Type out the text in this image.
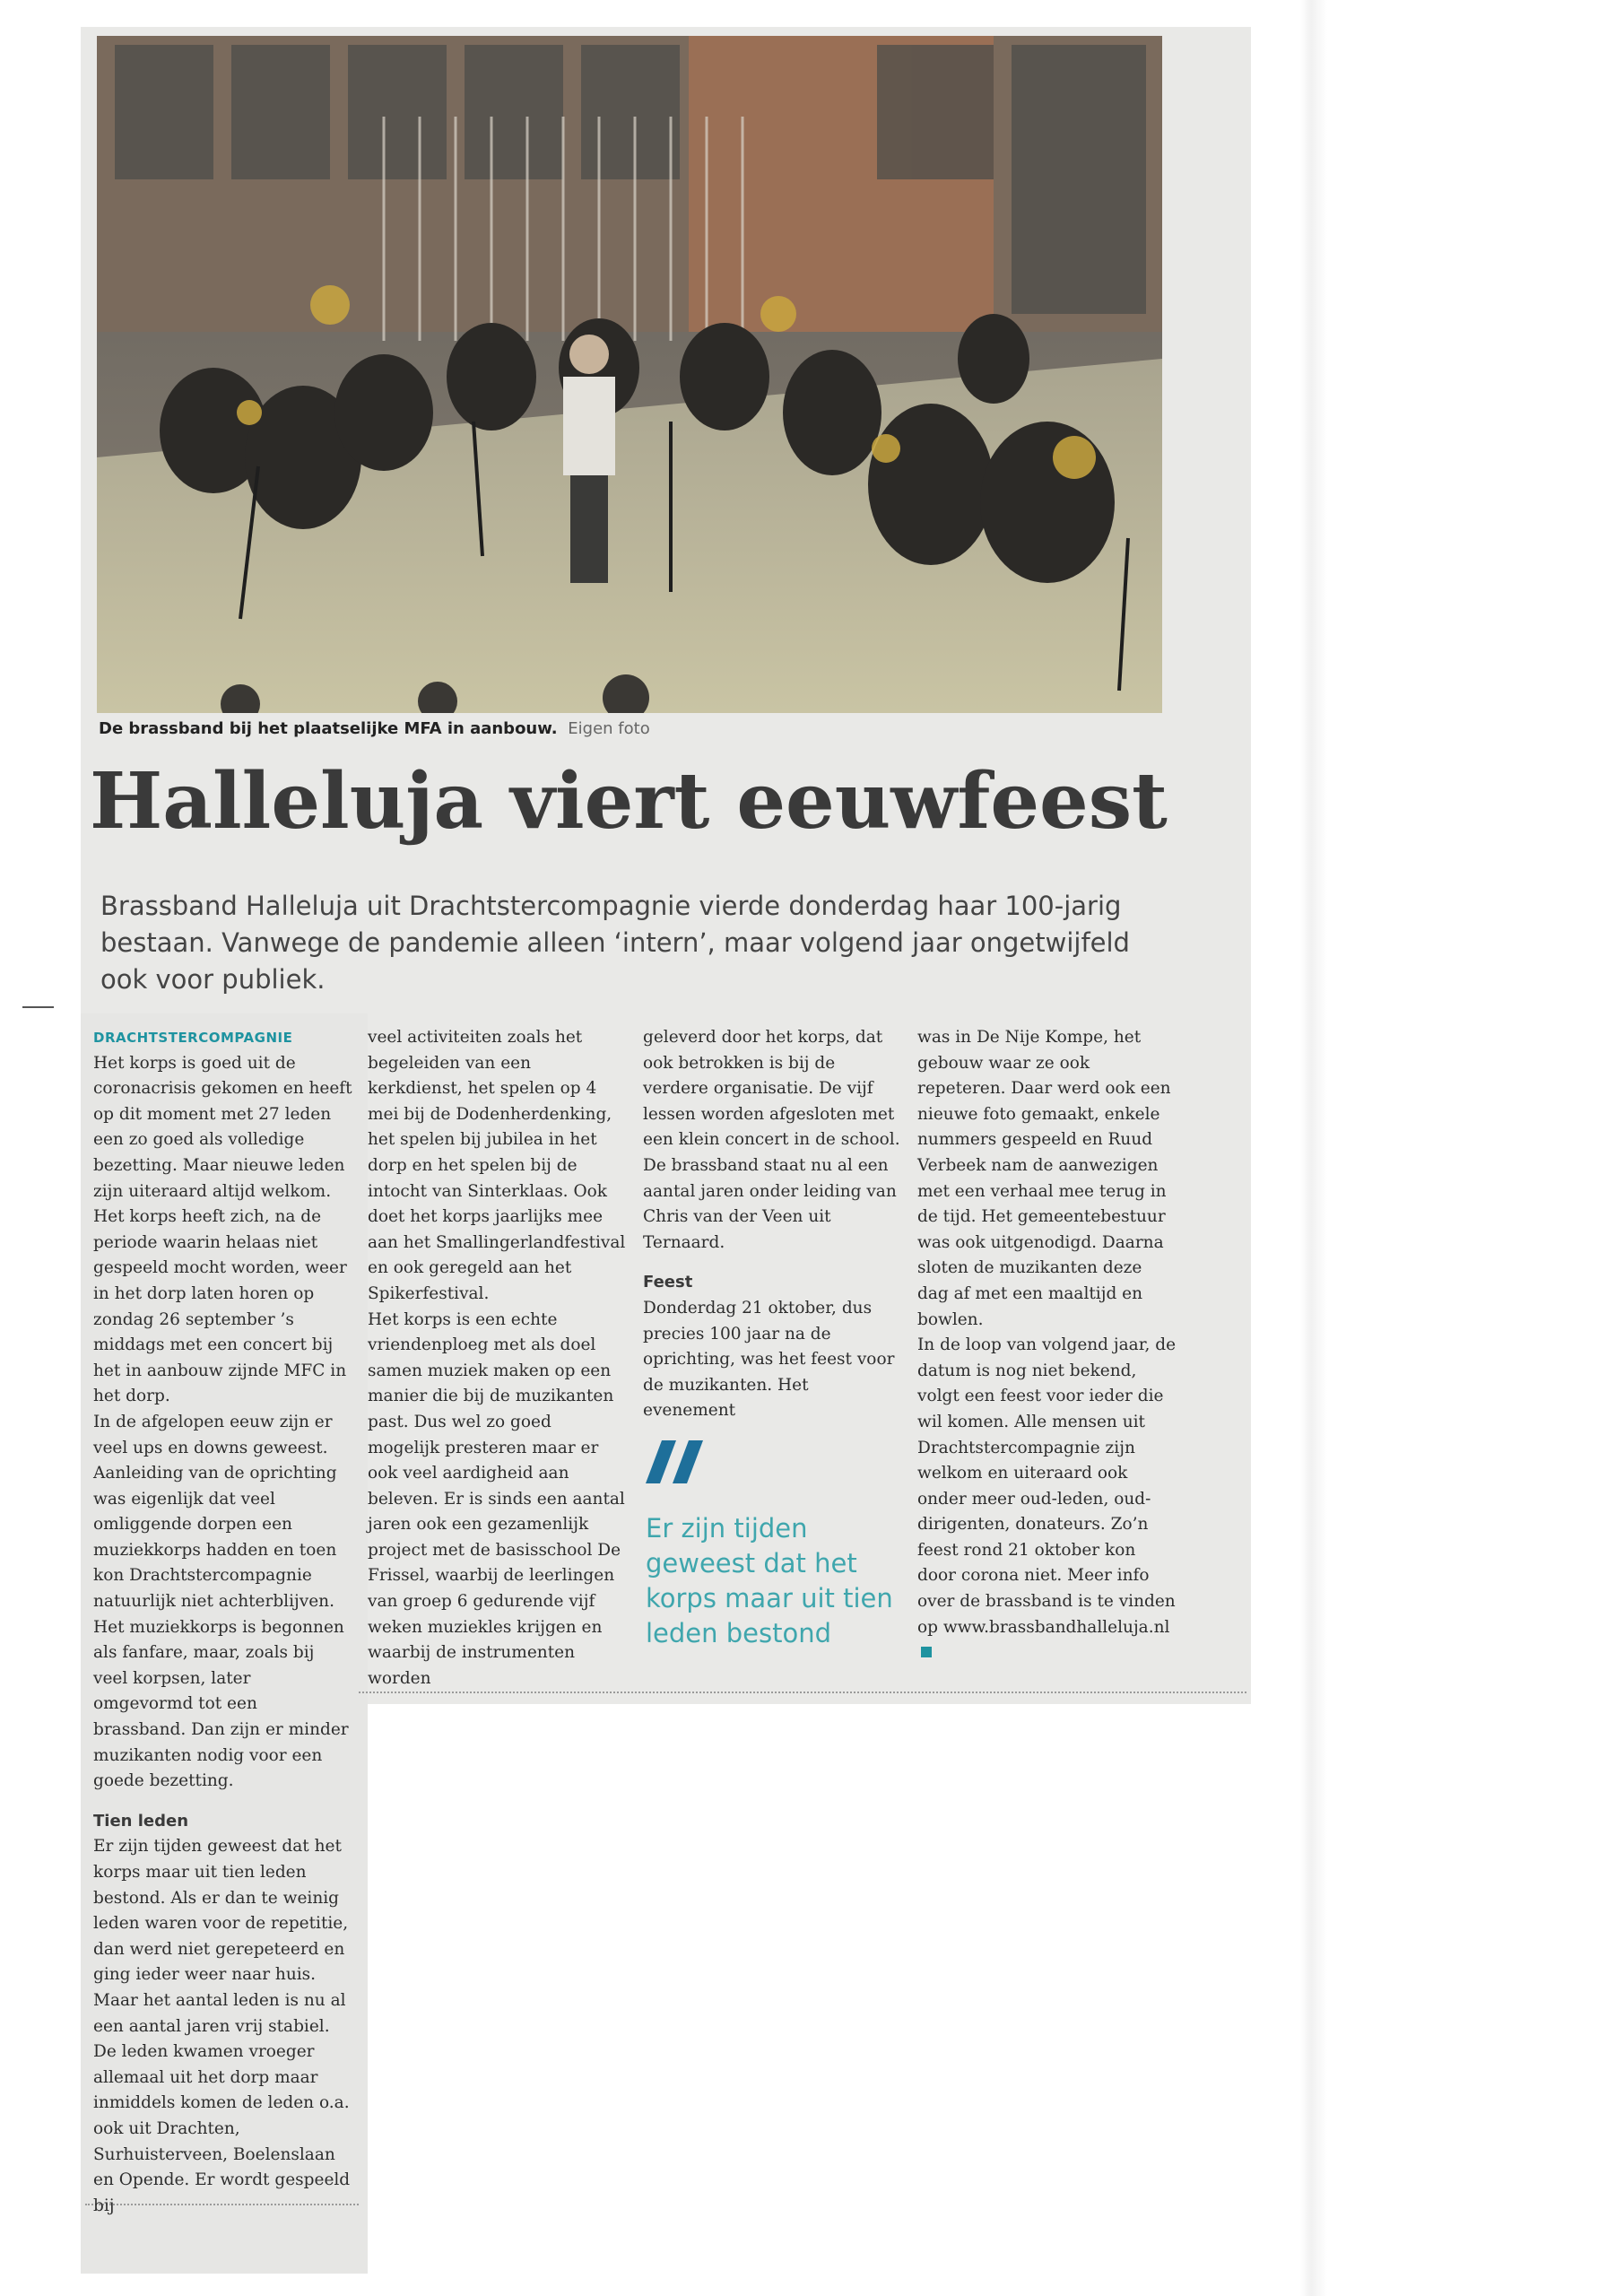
De brassband bij het plaatselijke MFA in aanbouw. Eigen foto
Halleluja viert eeuwfeest
Brassband Halleluja uit Drachtstercompagnie vierde donderdag haar 100-jarig bestaan. Vanwege de pandemie alleen ‘intern’, maar volgend jaar ongetwijfeld ook voor publiek.

DRACHTSTERCOMPAGNIE

Het korps is goed uit de coronacrisis gekomen en heeft op dit moment met 27 leden een zo goed als volledige bezetting. Maar nieuwe leden zijn uiteraard altijd welkom. Het korps heeft zich, na de periode waarin helaas niet gespeeld mocht worden, weer in het dorp laten horen op zondag 26 september ’s middags met een concert bij het in aanbouw zijnde MFC in het dorp.

In de afgelopen eeuw zijn er veel ups en downs geweest. Aanleiding van de oprichting was eigenlijk dat veel omliggende dorpen een muziekkorps hadden en toen kon Drachtstercompagnie natuurlijk niet achterblijven. Het muziekkorps is begonnen als fanfare, maar, zoals bij veel korpsen, later omgevormd tot een brassband. Dan zijn er minder muzikanten nodig voor een goede bezetting.

Tien leden

Er zijn tijden geweest dat het korps maar uit tien leden bestond. Als er dan te weinig leden waren voor de repetitie, dan werd niet gerepeteerd en ging ieder weer naar huis. Maar het aantal leden is nu al een aantal jaren vrij stabiel. De leden kwamen vroeger allemaal uit het dorp maar inmiddels komen de leden o.a. ook uit Drachten, Surhuisterveen, Boelenslaan en Opende. Er wordt gespeeld bij

veel activiteiten zoals het begeleiden van een kerkdienst, het spelen op 4 mei bij de Dodenherdenking, het spelen bij jubilea in het dorp en het spelen bij de intocht van Sinterklaas. Ook doet het korps jaarlijks mee aan het Smallingerlandfestival en ook geregeld aan het Spikerfestival.

Het korps is een echte vriendenploeg met als doel samen muziek maken op een manier die bij de muzikanten past. Dus wel zo goed mogelijk presteren maar er ook veel aardigheid aan beleven. Er is sinds een aantal jaren ook een gezamenlijk project met de basisschool De Frissel, waarbij de leerlingen van groep 6 gedurende vijf weken muziekles krijgen en waarbij de instrumenten worden

geleverd door het korps, dat ook betrokken is bij de verdere organisatie. De vijf lessen worden afgesloten met een klein concert in de school. De brassband staat nu al een aantal jaren onder leiding van Chris van der Veen uit Ternaard.

Feest

Donderdag 21 oktober, dus precies 100 jaar na de oprichting, was het feest voor de muzikanten. Het evenement

Er zijn tijden geweest dat het korps maar uit tien leden bestond

was in De Nije Kompe, het gebouw waar ze ook repeteren. Daar werd ook een nieuwe foto gemaakt, enkele nummers gespeeld en Ruud Verbeek nam de aanwezigen met een verhaal mee terug in de tijd. Het gemeentebestuur was ook uitgenodigd. Daarna sloten de muzikanten deze dag af met een maaltijd en bowlen.

In de loop van volgend jaar, de datum is nog niet bekend, volgt een feest voor ieder die wil komen. Alle mensen uit Drachtstercompagnie zijn welkom en uiteraard ook onder meer oud-leden, oud-dirigenten, donateurs. Zo’n feest rond 21 oktober kon door corona niet. Meer info over de brassband is te vinden op www.brassbandhalleluja.nl
